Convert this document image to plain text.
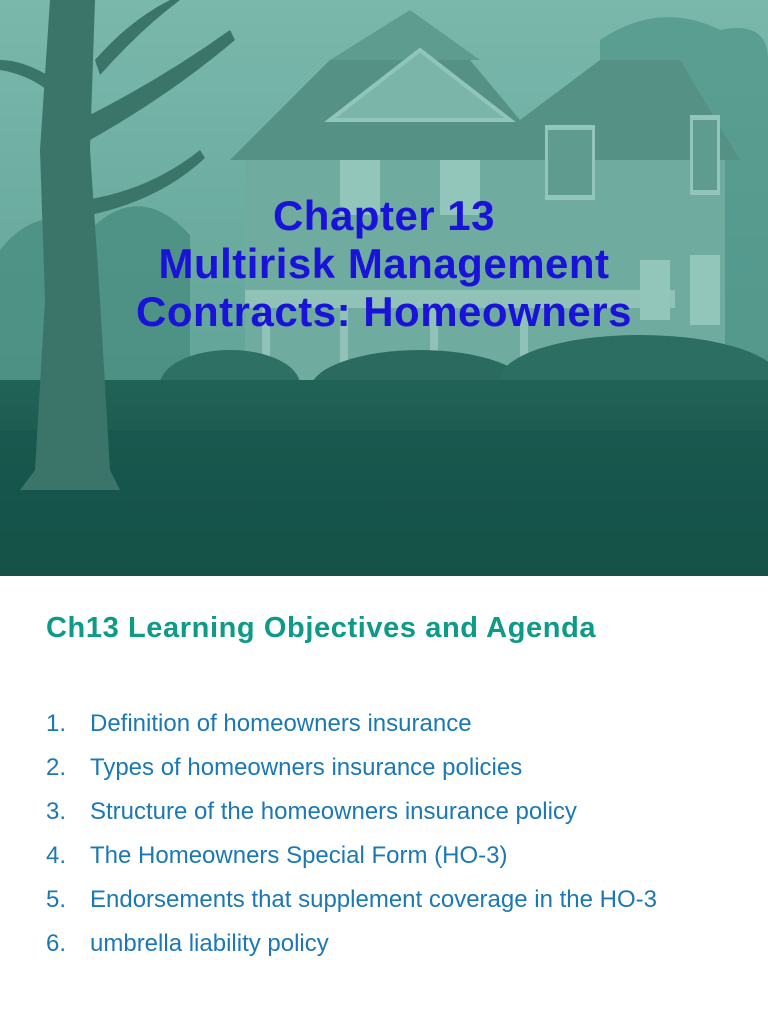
Chapter 13
Multirisk Management
Contracts: Homeowners
Ch13 Learning Objectives and Agenda
1. Definition of homeowners insurance
2. Types of homeowners insurance policies
3. Structure of the homeowners insurance policy
4. The Homeowners Special Form (HO-3)
5. Endorsements that supplement coverage in the HO-3
6. umbrella liability policy
